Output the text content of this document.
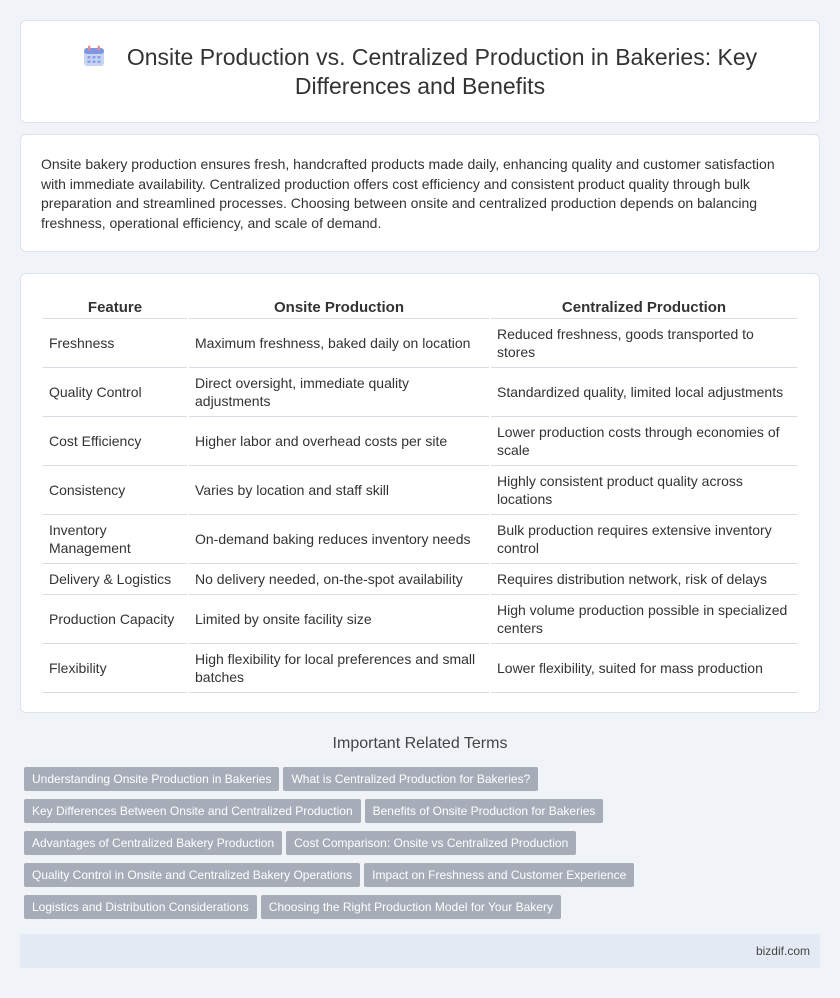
Onsite Production vs. Centralized Production in Bakeries: Key Differences and Benefits

Onsite bakery production ensures fresh, handcrafted products made daily, enhancing quality and customer satisfaction with immediate availability. Centralized production offers cost efficiency and consistent product quality through bulk preparation and streamlined processes. Choosing between onsite and centralized production depends on balancing freshness, operational efficiency, and scale of demand.

Feature	Onsite Production	Centralized Production
Freshness	Maximum freshness, baked daily on location	Reduced freshness, goods transported to stores
Quality Control	Direct oversight, immediate quality adjustments	Standardized quality, limited local adjustments
Cost Efficiency	Higher labor and overhead costs per site	Lower production costs through economies of scale
Consistency	Varies by location and staff skill	Highly consistent product quality across locations
Inventory Management	On-demand baking reduces inventory needs	Bulk production requires extensive inventory control
Delivery & Logistics	No delivery needed, on-the-spot availability	Requires distribution network, risk of delays
Production Capacity	Limited by onsite facility size	High volume production possible in specialized centers
Flexibility	High flexibility for local preferences and small batches	Lower flexibility, suited for mass production
Important Related Terms
Understanding Onsite Production in Bakeries What is Centralized Production for Bakeries?
Key Differences Between Onsite and Centralized Production Benefits of Onsite Production for Bakeries
Advantages of Centralized Bakery Production Cost Comparison: Onsite vs Centralized Production
Quality Control in Onsite and Centralized Bakery Operations Impact on Freshness and Customer Experience
Logistics and Distribution Considerations Choosing the Right Production Model for Your Bakery
bizdif.com
